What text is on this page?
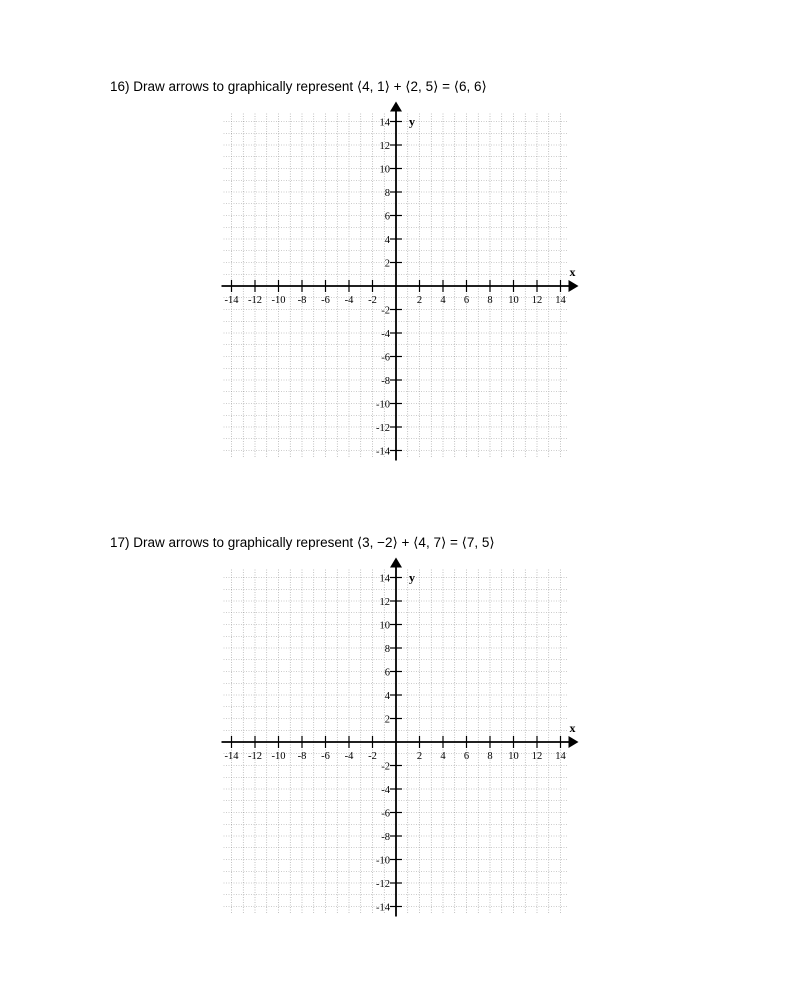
16) Draw arrows to graphically represent ⟨4, 1⟩ + ⟨2, 5⟩ = ⟨6, 6⟩
x
y
-14 -12 -10 -8 -6 -4 -2	2 4 6 8 10 12 14
14
12
10
8
6
4
2
-2
-4
-6
-8
-10
-12
-14
17) Draw arrows to graphically represent ⟨3, −2⟩ + ⟨4, 7⟩ = ⟨7, 5⟩
x
y
-14 -12 -10 -8 -6 -4 -2	2 4 6 8 10 12 14
14
12
10
8
6
4
2
-2
-4
-6
-8
-10
-12
-14
